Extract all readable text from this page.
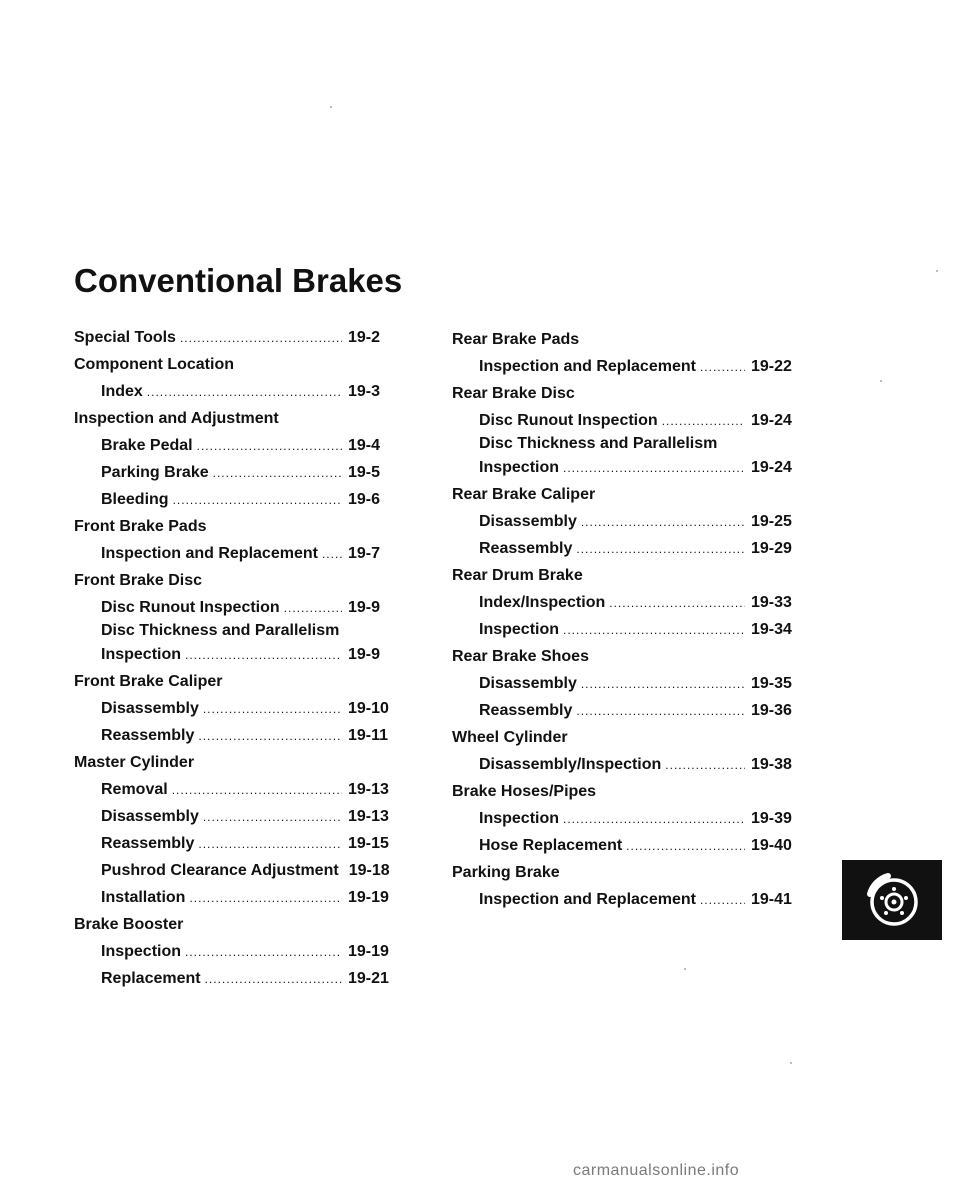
Conventional Brakes
Special Tools .....	19-2
Component Location
Index .....	19-3
Inspection and Adjustment
Brake Pedal .....	19-4
Parking Brake .....	19-5
Bleeding .....	19-6
Front Brake Pads
Inspection and Replacement ..... 19-7
Front Brake Disc
Disc Runout Inspection .....	19-9
Disc Thickness and Parallelism
Inspection .....	19-9
Front Brake Caliper
Disassembly .....	19-10
Reassembly .....	19-11
Master Cylinder
Removal .....	19-13
Disassembly .....	19-13
Reassembly .....	19-15
Pushrod Clearance Adjustment 19-18
Installation .....	19-19
Brake Booster
Inspection .....	19-19
Replacement .....	19-21
Rear Brake Pads
Inspection and Replacement .....	19-22
Rear Brake Disc
Disc Runout Inspection .....	19-24
Disc Thickness and Parallelism
Inspection .....	19-24
Rear Brake Caliper
Disassembly .....	19-25
Reassembly .....	19-29
Rear Drum Brake
Index/Inspection .....	19-33
Inspection .....	19-34
Rear Brake Shoes
Disassembly .....	19-35
Reassembly .....	19-36
Wheel Cylinder
Disassembly/Inspection .....	19-38
Brake Hoses/Pipes
Inspection .....	19-39
Hose Replacement .....	19-40
Parking Brake
Inspection and Replacement .....	19-41
carmanualsonline.info
